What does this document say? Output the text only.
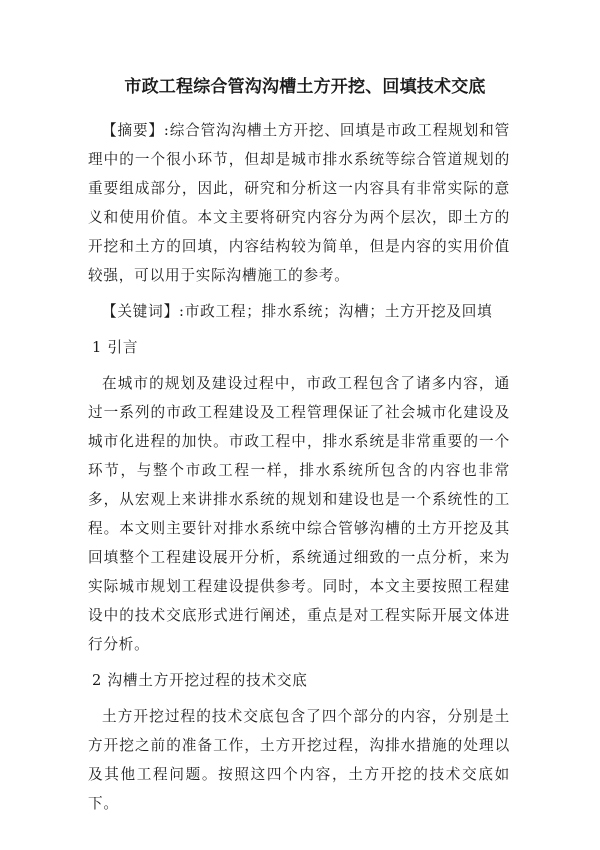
市政工程综合管沟沟槽土方开挖、回填技术交底
【摘要】:综合管沟沟槽土方开挖、回填是市政工程规划和管理中的一个很小环节，但却是城市排水系统等综合管道规划的重要组成部分，因此，研究和分析这一内容具有非常实际的意义和使用价值。本文主要将研究内容分为两个层次，即土方的开挖和土方的回填，内容结构较为简单，但是内容的实用价值较强，可以用于实际沟槽施工的参考。
【关键词】:市政工程；排水系统；沟槽；土方开挖及回填
1 引言
在城市的规划及建设过程中，市政工程包含了诸多内容，通过一系列的市政工程建设及工程管理保证了社会城市化建设及城市化进程的加快。市政工程中，排水系统是非常重要的一个环节，与整个市政工程一样，排水系统所包含的内容也非常多，从宏观上来讲排水系统的规划和建设也是一个系统性的工程。本文则主要针对排水系统中综合管够沟槽的土方开挖及其回填整个工程建设展开分析，系统通过细致的一点分析，来为实际城市规划工程建设提供参考。同时，本文主要按照工程建设中的技术交底形式进行阐述，重点是对工程实际开展文体进行分析。
2 沟槽土方开挖过程的技术交底
土方开挖过程的技术交底包含了四个部分的内容，分别是土方开挖之前的准备工作，土方开挖过程，沟排水措施的处理以及其他工程问题。按照这四个内容，土方开挖的技术交底如下。
